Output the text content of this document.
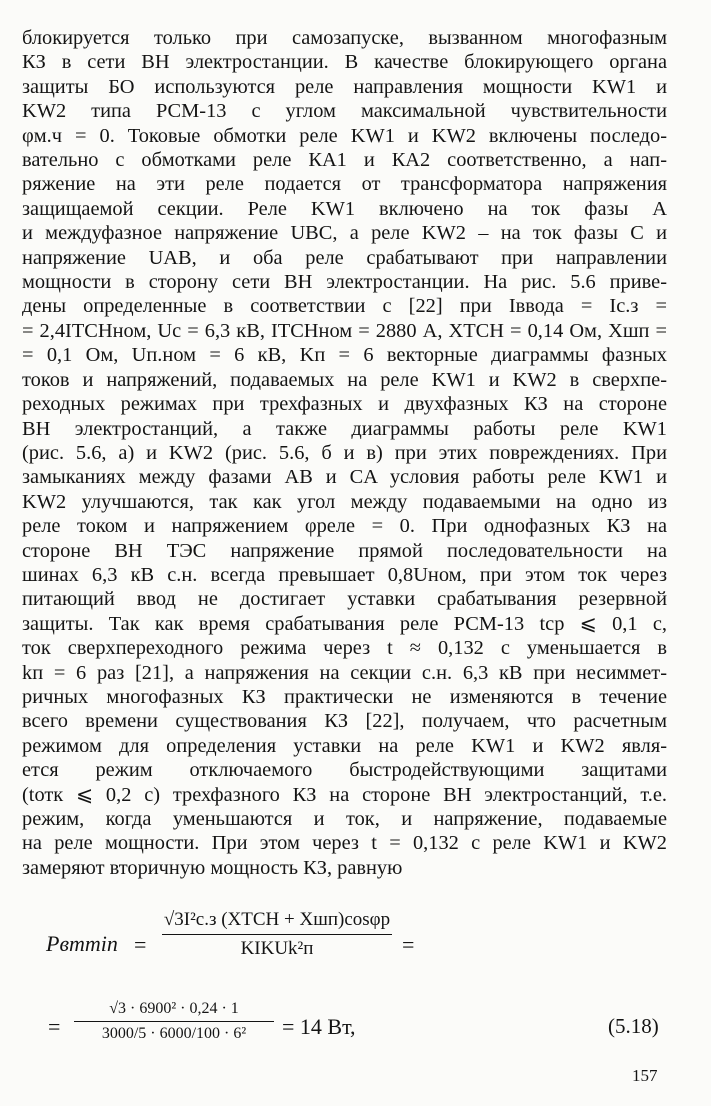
блокируется только при самозапуске, вызванном многофазным
КЗ в сети ВН электростанции. В качестве блокирующего органа
защиты БО используются реле направления мощности KW1 и
KW2 типа РСМ-13 с углом максимальной чувствительности
φм.ч = 0. Токовые обмотки реле KW1 и KW2 включены последо-
вательно с обмотками реле КА1 и КА2 соответственно, а нап-
ряжение на эти реле подается от трансформатора напряжения
защищаемой секции. Реле KW1 включено на ток фазы A
и междуфазное напряжение UBC, а реле KW2 – на ток фазы С и
напряжение UAB, и оба реле срабатывают при направлении
мощности в сторону сети ВН электростанции. На рис. 5.6 приве-
дены определенные в соответствии с [22] при Iввода = Iс.з =
= 2,4IТСНном, Uс = 6,3 кВ, IТСНном = 2880 А, XТСН = 0,14 Ом, Xшп =
= 0,1 Ом, Uп.ном = 6 кВ, Kп = 6 векторные диаграммы фазных
токов и напряжений, подаваемых на реле KW1 и KW2 в сверхпе-
реходных режимах при трехфазных и двухфазных КЗ на стороне
ВН электростанций, а также диаграммы работы реле KW1
(рис. 5.6, а) и KW2 (рис. 5.6, б и в) при этих повреждениях. При
замыканиях между фазами AB и CA условия работы реле KW1 и
KW2 улучшаются, так как угол между подаваемыми на одно из
реле током и напряжением φреле = 0. При однофазных КЗ на
стороне ВН ТЭС напряжение прямой последовательности на
шинах 6,3 кВ с.н. всегда превышает 0,8Uном, при этом ток через
питающий ввод не достигает уставки срабатывания резервной
защиты. Так как время срабатывания реле РСМ-13 tср ⩽ 0,1 с,
ток сверхпереходного режима через t ≈ 0,132 с уменьшается в
kп = 6 раз [21], а напряжения на секции с.н. 6,3 кВ при несиммет-
ричных многофазных КЗ практически не изменяются в течение
всего времени существования КЗ [22], получаем, что расчетным
режимом для определения уставки на реле KW1 и KW2 явля-
ется режим отключаемого быстродействующими защитами
(tотк ⩽ 0,2 с) трехфазного КЗ на стороне ВН электростанций, т.е.
режим, когда уменьшаются и ток, и напряжение, подаваемые
на реле мощности. При этом через t = 0,132 с реле KW1 и KW2
замеряют вторичную мощность КЗ, равную
Pвтmin =
√3I²с.з (XТСН + Xшп)cosφр
KIKUk²п	=
=
√3 · 6900² · 0,24 · 1
3000/5 · 6000/100 · 6²	= 14 Вт,	(5.18)
157
